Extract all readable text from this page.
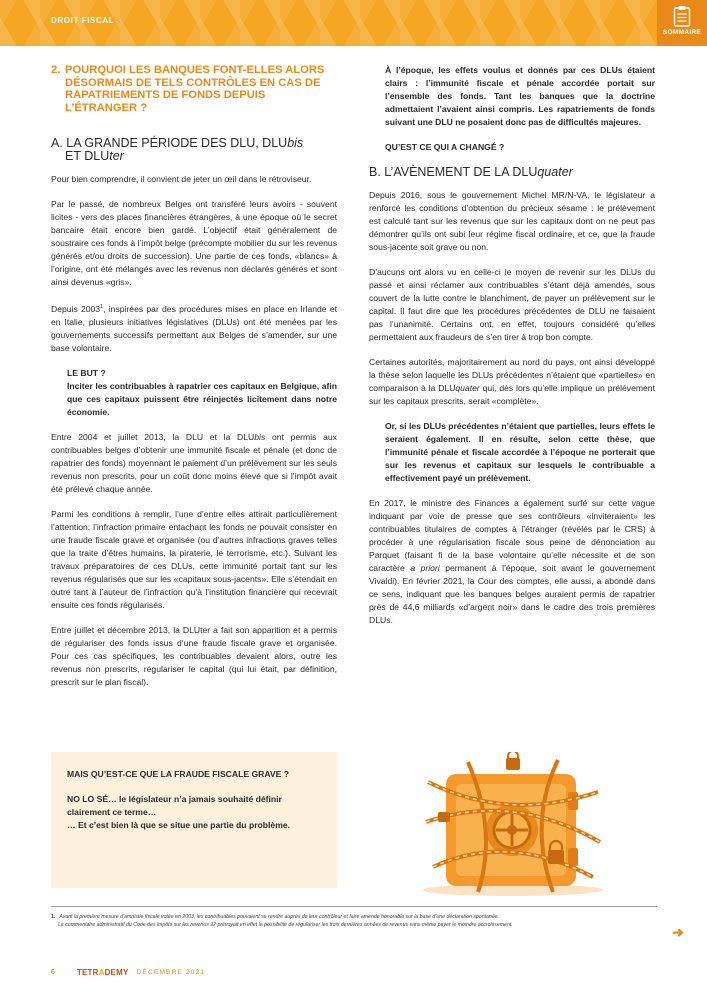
DROIT FISCAL
SOMMAIRE
2. POURQUOI LES BANQUES FONT-ELLES ALORS DÉSORMAIS DE TELS CONTRÔLES EN CAS DE RAPATRIEMENTS DE FONDS DEPUIS L’ÉTRANGER ?
A. LA GRANDE PÉRIODE DES DLU, DLUbis
ET DLUter

Pour bien comprendre, il convient de jeter un œil dans le rétroviseur.

Par le passé, de nombreux Belges ont transféré leurs avoirs - souvent licites - vers des places financières étrangères, à une époque où le secret bancaire était encore bien gardé. L’objectif était généralement de soustraire ces fonds à l’impôt belge (précompte mobilier du sur les revenus générés et/ou droits de succession). Une partie de ces fonds, «blancs» à l’origine, ont été mélangés avec les revenus non déclarés générés et sont ainsi devenus «gris».

Depuis 2003$^1$, inspirées par des procédures mises en place en Irlande et en Italie, plusieurs initiatives législatives (DLUs) ont été menées par les gouvernements successifs permettant aux Belges de s’amender, sur une base volontaire.

LE BUT ?
Inciter les contribuables à rapatrier ces capitaux en Belgique, afin que ces capitaux puissent être réinjectés licitement dans notre économie.

Entre 2004 et juillet 2013, la DLU et la DLUbis ont permis aux contribuables belges d’obtenir une immunité fiscale et pénale (et donc de rapatrier des fonds) moyennant le paiement d’un prélèvement sur les seuls revenus non prescrits, pour un coût donc moins élevé que si l’impôt avait été prélevé chaque année.

Parmi les conditions à remplir, l’une d’entre elles attirait particulièrement l’attention: l’infraction primaire entachant les fonds ne pouvait consister en une fraude fiscale grave et organisée (ou d’autres infractions graves telles que la traite d’êtres humains, la piraterie, le terrorisme, etc.). Suivant les travaux préparatoires de ces DLUs, cette immunité portait tant sur les revenus régularisés que sur les «capitaux sous-jacents». Elle s’étendait en outre tant à l’auteur de l’infraction qu’à l’institution financière qui recevrait ensuite ces fonds régularisés.

Entre juillet et décembre 2013, la DLUter a fait son apparition et a permis de régulariser des fonds issus d’une fraude fiscale grave et organisée. Pour ces cas spécifiques, les contribuables devaient alors, outre les revenus non prescrits, régulariser le capital (qui lui était, par définition, prescrit sur le plan fiscal).

MAIS QU’EST-CE QUE LA FRAUDE FISCALE GRAVE ?
NO LO SÉ… le législateur n’a jamais souhaité définir clairement ce terme…
… Et c’est bien là que se situe une partie du problème.
À l’époque, les effets voulus et donnés par ces DLUs étaient clairs : l’immunité fiscale et pénale accordée portait sur l’ensemble des fonds. Tant les banques que la doctrine admettaient l’avaient ainsi compris. Les rapatriements de fonds suivant une DLU ne posaient donc pas de difficultés majeures.
QU’EST CE QUI A CHANGÉ ?
B. L’AVÈNEMENT DE LA DLUquater

Depuis 2016, sous le gouvernement Michel MR/N-VA, le législateur a renforcé les conditions d’obtention du précieux sésame : le prélèvement est calculé tant sur les revenus que sur les capitaux dont on ne peut pas démontrer qu’ils ont subi leur régime fiscal ordinaire, et ce, que la fraude sous-jacente soit grave ou non.

D’aucuns ont alors vu en celle-ci le moyen de revenir sur les DLUs du passé et ainsi réclamer aux contribuables s’étant déjà amendés, sous couvert de la lutte contre le blanchiment, de payer un prélèvement sur le capital. Il faut dire que les procédures précédentes de DLU ne faisaient pas l’unanimité. Certains ont, en effet, toujours considéré qu’elles permettaient aux fraudeurs de s’en tirer à trop bon compte.

Certaines autorités, majoritairement au nord du pays, ont ainsi développé la thèse selon laquelle les DLUs précédentes n’étaient que «partielles» en comparaison à la DLUquater qui, dès lors qu’elle implique un prélèvement sur les capitaux prescrits, serait «complète».

Or, si les DLUs précédentes n’étaient que partielles, leurs effets le seraient également. Il en résulte, selon cette thèse, que l’immunité pénale et fiscale accordée à l’époque ne porterait que sur les revenus et capitaux sur lesquels le contribuable a effectivement payé un prélèvement.

En 2017, le ministre des Finances a également surfé sur cette vague indiquant par voie de presse que ses contrôleurs «inviteraient» les contribuables titulaires de comptes à l’étranger (révélés par le CRS) à procéder à une régularisation fiscale sous peine de dénonciation au Parquet (faisant fi de la base volontaire qu’elle nécessite et de son caractère a priori permanent à l’époque, soit avant le gouvernement Vivaldi). En février 2021, la Cour des comptes, elle aussi, a abondé dans ce sens, indiquant que les banques belges auraient permis de rapatrier près de 44,6 milliards «d’argent noir» dans le cadre des trois premières DLUs.

1. Avant la première mesure d’amnistie fiscale votée en 2003, les contribuables pouvaient se rendre auprès de leur contrôleur et faire amende honorable sur la base d’une déclaration spontanée.
Le commentaire administratif du Code des impôts sur les revenus 92 prévoyait en effet la possibilité de régulariser les trois dernières années de revenus sans même payer le moindre accroissement.	➜
6	TETRADEMY DÉCEMBRE 2021
